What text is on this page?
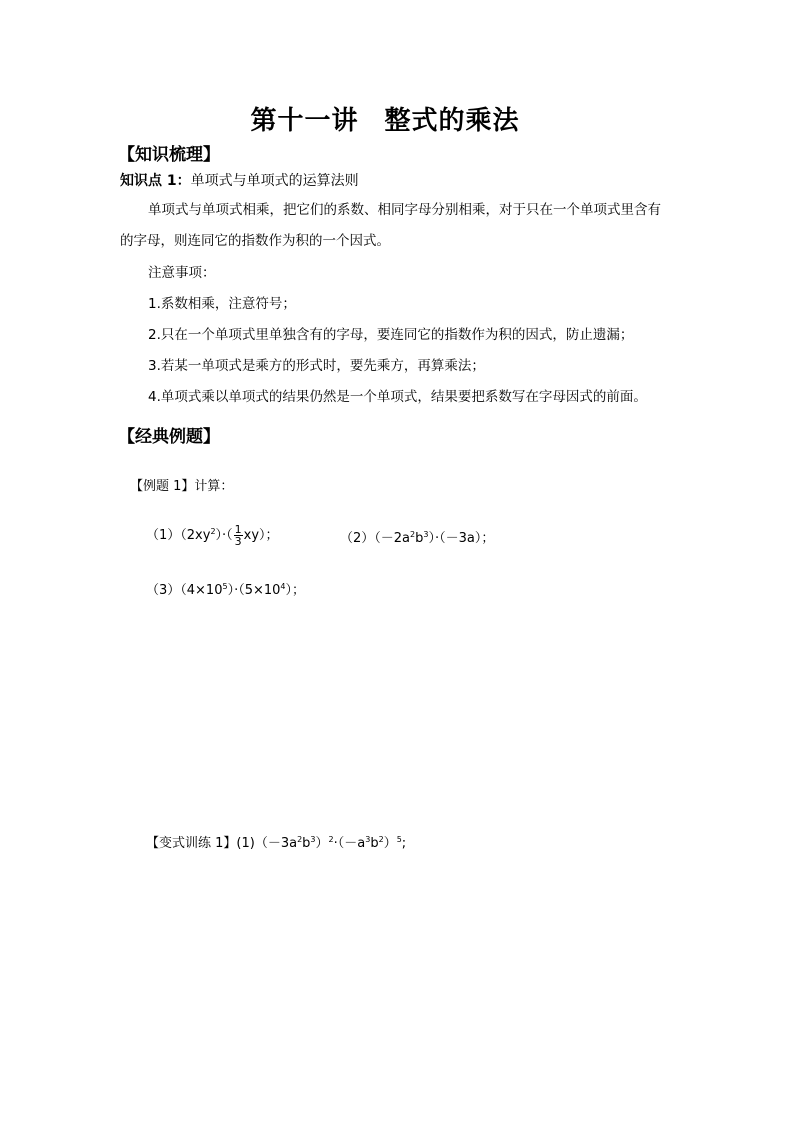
第十一讲 整式的乘法
【知识梳理】
知识点 1：单项式与单项式的运算法则
单项式与单项式相乘，把它们的系数、相同字母分别相乘，对于只在一个单项式里含有
的字母，则连同它的指数作为积的一个因式。
注意事项：
1.系数相乘，注意符号；
2.只在一个单项式里单独含有的字母，要连同它的指数作为积的因式，防止遗漏；
3.若某一单项式是乘方的形式时，要先乘方，再算乘法；
4.单项式乘以单项式的结果仍然是一个单项式，结果要把系数写在字母因式的前面。
【经典例题】
【例题 1】计算：
$(1)(2xy^2)\cdot( \frac{1}{3} xy)$；	$(2)(-2a^2b^3)\cdot(-3a)$；
$(3)(4\times 10^5)\cdot(5\times 10^4)$；
【变式训练 1】$(1)(-3a^2b^3)^2\cdot(-a^3b^2)^5$;
